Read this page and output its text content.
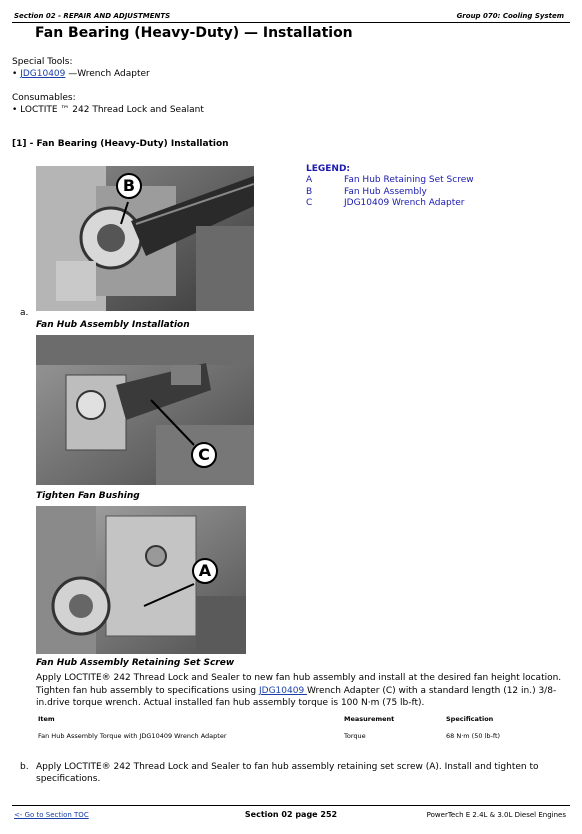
Section 02 - REPAIR AND ADJUSTMENTS	Group 070: Cooling System
Fan Bearing (Heavy-Duty) — Installation
Special Tools:
• JDG10409 —Wrench Adapter
Consumables:
• LOCTITE ™ 242 Thread Lock and Sealant
[1] - Fan Bearing (Heavy-Duty) Installation
LEGEND:
A	Fan Hub Retaining Set Screw
B	Fan Hub Assembly
C	JDG10409 Wrench Adapter
B
a.
Fan Hub Assembly Installation
C
Tighten Fan Bushing
A
Fan Hub Assembly Retaining Set Screw
Apply LOCTITE® 242 Thread Lock and Sealer to new fan hub assembly and install at the desired fan height location.
Tighten fan hub assembly to specifications using JDG10409 Wrench Adapter (C) with a standard length (12 in.) 3/8-
in.drive torque wrench. Actual installed fan hub assembly torque is 100 N·m (75 lb-ft).
Item	Measurement	Specification
Fan Hub Assembly Torque with JDG10409 Wrench Adapter	Torque	68 N·m (50 lb-ft)
b. Apply LOCTITE® 242 Thread Lock and Sealer to fan hub assembly retaining set screw (A). Install and tighten to
specifications.
<- Go to Section TOC	Section 02 page 252	PowerTech E 2.4L & 3.0L Diesel Engines
